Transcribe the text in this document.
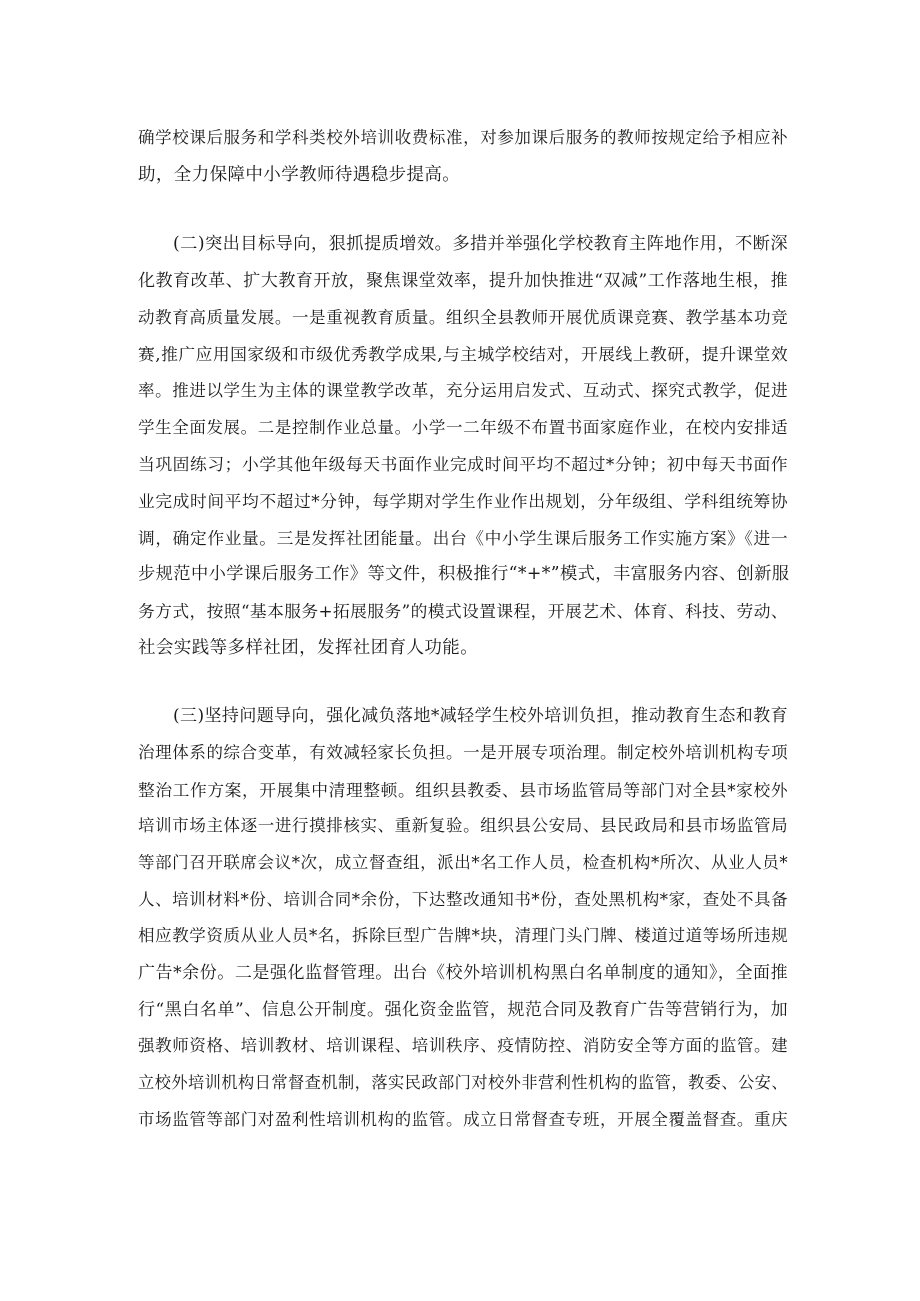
确学校课后服务和学科类校外培训收费标准，对参加课后服务的教师按规定给予相应补
助，全力保障中小学教师待遇稳步提高。
(二)突出目标导向，狠抓提质增效。多措并举强化学校教育主阵地作用，不断深
化教育改革、扩大教育开放，聚焦课堂效率，提升加快推进“双减”工作落地生根，推
动教育高质量发展。一是重视教育质量。组织全县教师开展优质课竞赛、教学基本功竞
赛,推广应用国家级和市级优秀教学成果,与主城学校结对，开展线上教研，提升课堂效
率。推进以学生为主体的课堂教学改革，充分运用启发式、互动式、探究式教学，促进
学生全面发展。二是控制作业总量。小学一二年级不布置书面家庭作业，在校内安排适
当巩固练习；小学其他年级每天书面作业完成时间平均不超过*分钟；初中每天书面作
业完成时间平均不超过*分钟，每学期对学生作业作出规划，分年级组、学科组统筹协
调，确定作业量。三是发挥社团能量。出台《中小学生课后服务工作实施方案》《进一
步规范中小学课后服务工作》等文件，积极推行“*+*”模式，丰富服务内容、创新服
务方式，按照“基本服务+拓展服务”的模式设置课程，开展艺术、体育、科技、劳动、
社会实践等多样社团，发挥社团育人功能。
(三)坚持问题导向，强化减负落地*减轻学生校外培训负担，推动教育生态和教育
治理体系的综合变革，有效减轻家长负担。一是开展专项治理。制定校外培训机构专项
整治工作方案，开展集中清理整顿。组织县教委、县市场监管局等部门对全县*家校外
培训市场主体逐一进行摸排核实、重新复验。组织县公安局、县民政局和县市场监管局
等部门召开联席会议*次，成立督查组，派出*名工作人员，检查机构*所次、从业人员*
人、培训材料*份、培训合同*余份，下达整改通知书*份，查处黑机构*家，查处不具备
相应教学资质从业人员*名，拆除巨型广告牌*块，清理门头门牌、楼道过道等场所违规
广告*余份。二是强化监督管理。出台《校外培训机构黑白名单制度的通知》，全面推
行“黑白名单”、信息公开制度。强化资金监管，规范合同及教育广告等营销行为，加
强教师资格、培训教材、培训课程、培训秩序、疫情防控、消防安全等方面的监管。建
立校外培训机构日常督查机制，落实民政部门对校外非营利性机构的监管，教委、公安、
市场监管等部门对盈利性培训机构的监管。成立日常督查专班，开展全覆盖督查。重庆
